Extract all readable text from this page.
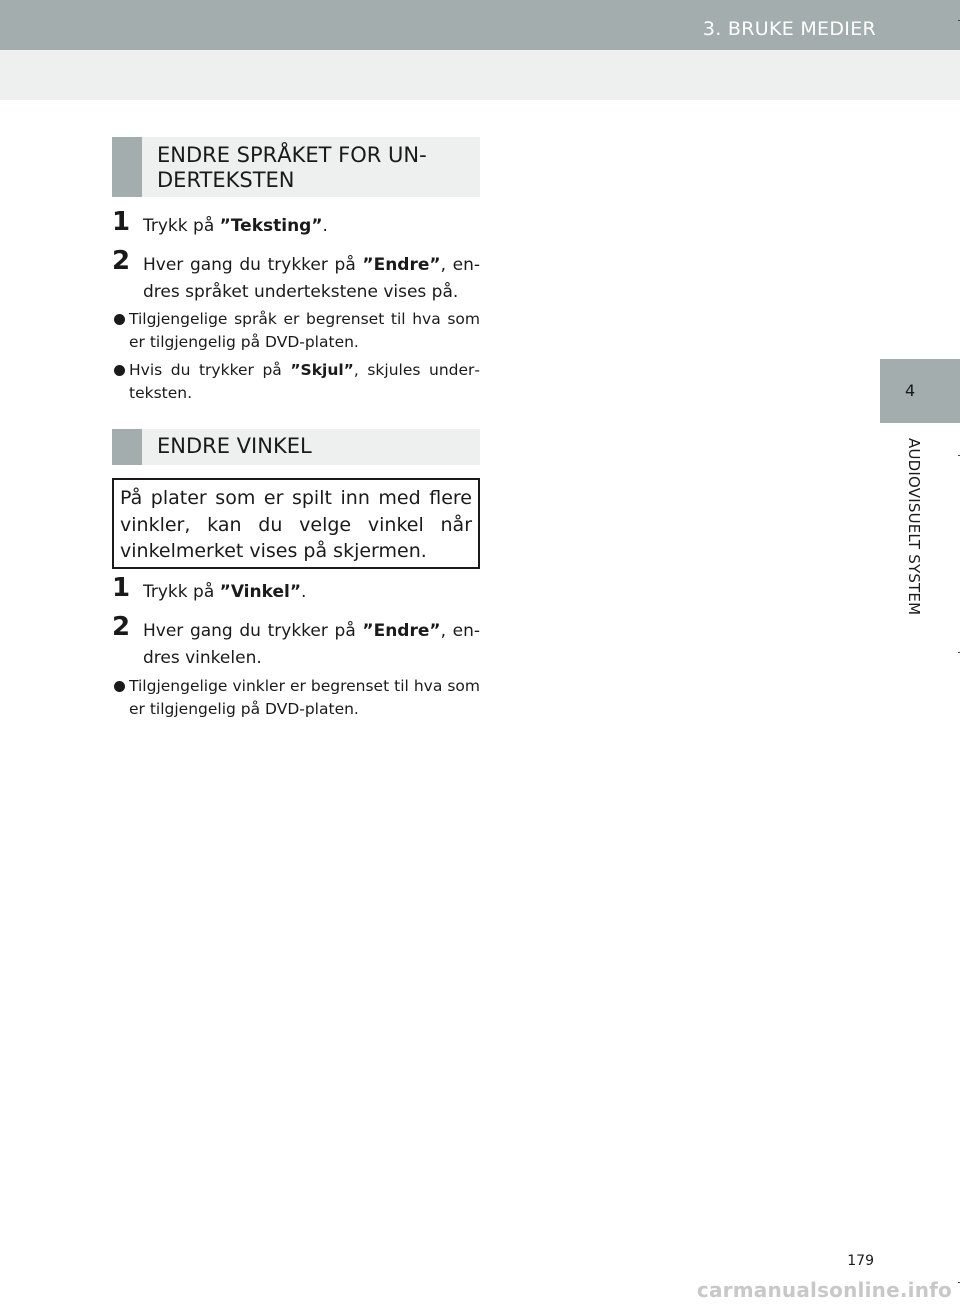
3. BRUKE MEDIER
4
AUDIOVISUELT SYSTEM
ENDRE SPRÅKET FOR UN-
DERTEKSTEN
1 Trykk på ”Teksting”.
2 Hver gang du trykker på ”Endre”, endres språket undertekstene vises på.
Tilgjengelige språk er begrenset til hva som er tilgjengelig på DVD-platen.
Hvis du trykker på ”Skjul”, skjules underteksten.
ENDRE VINKEL
På plater som er spilt inn med flere vinkler, kan du velge vinkel når vinkelmerket vises på skjermen.
1 Trykk på ”Vinkel”.
2 Hver gang du trykker på ”Endre”, endres vinkelen.
Tilgjengelige vinkler er begrenset til hva som er tilgjengelig på DVD-platen.
179
carmanualsonline.info
